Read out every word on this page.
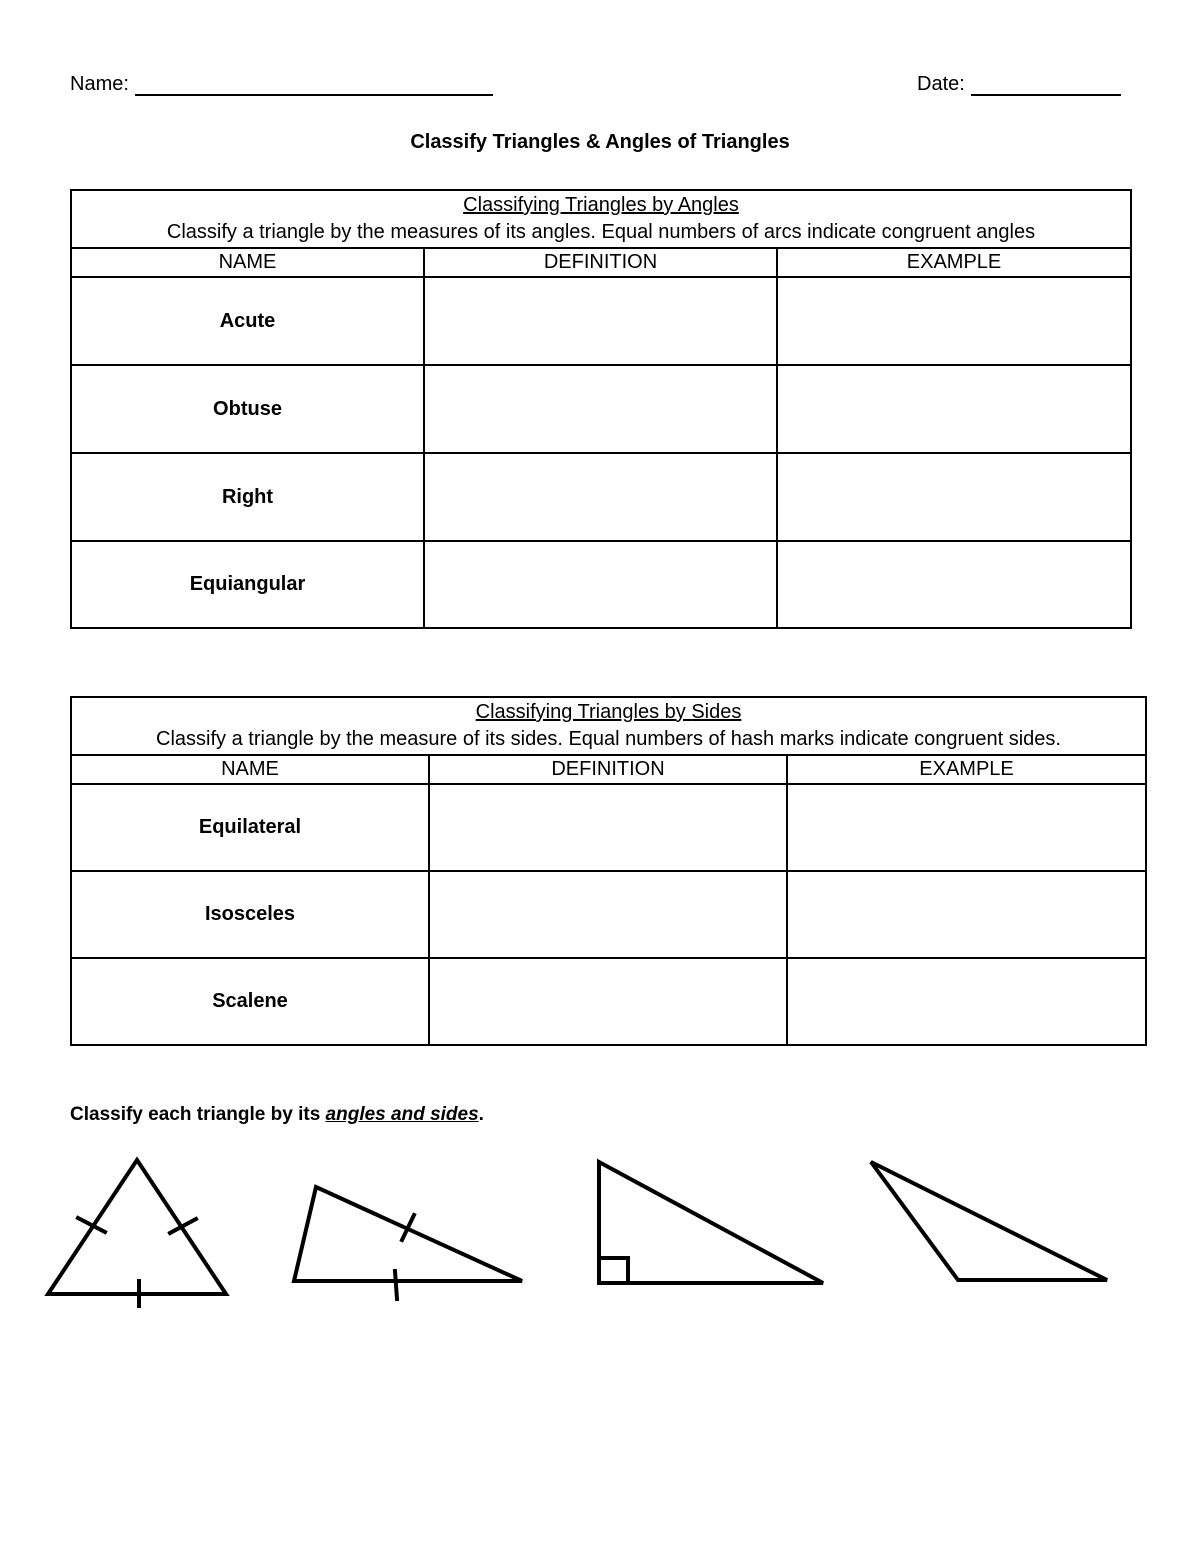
Name:	Date:
Classify Triangles & Angles of Triangles
Classifying Triangles by Angles
Classify a triangle by the measures of its angles. Equal numbers of arcs indicate congruent angles		
NAME	DEFINITION	EXAMPLE
Acute		
Obtuse		
Right		
Equiangular		
Classifying Triangles by Sides
Classify a triangle by the measure of its sides. Equal numbers of hash marks indicate congruent sides.		
NAME	DEFINITION	EXAMPLE
Equilateral		
Isosceles		
Scalene		
Classify each triangle by its angles and sides.
